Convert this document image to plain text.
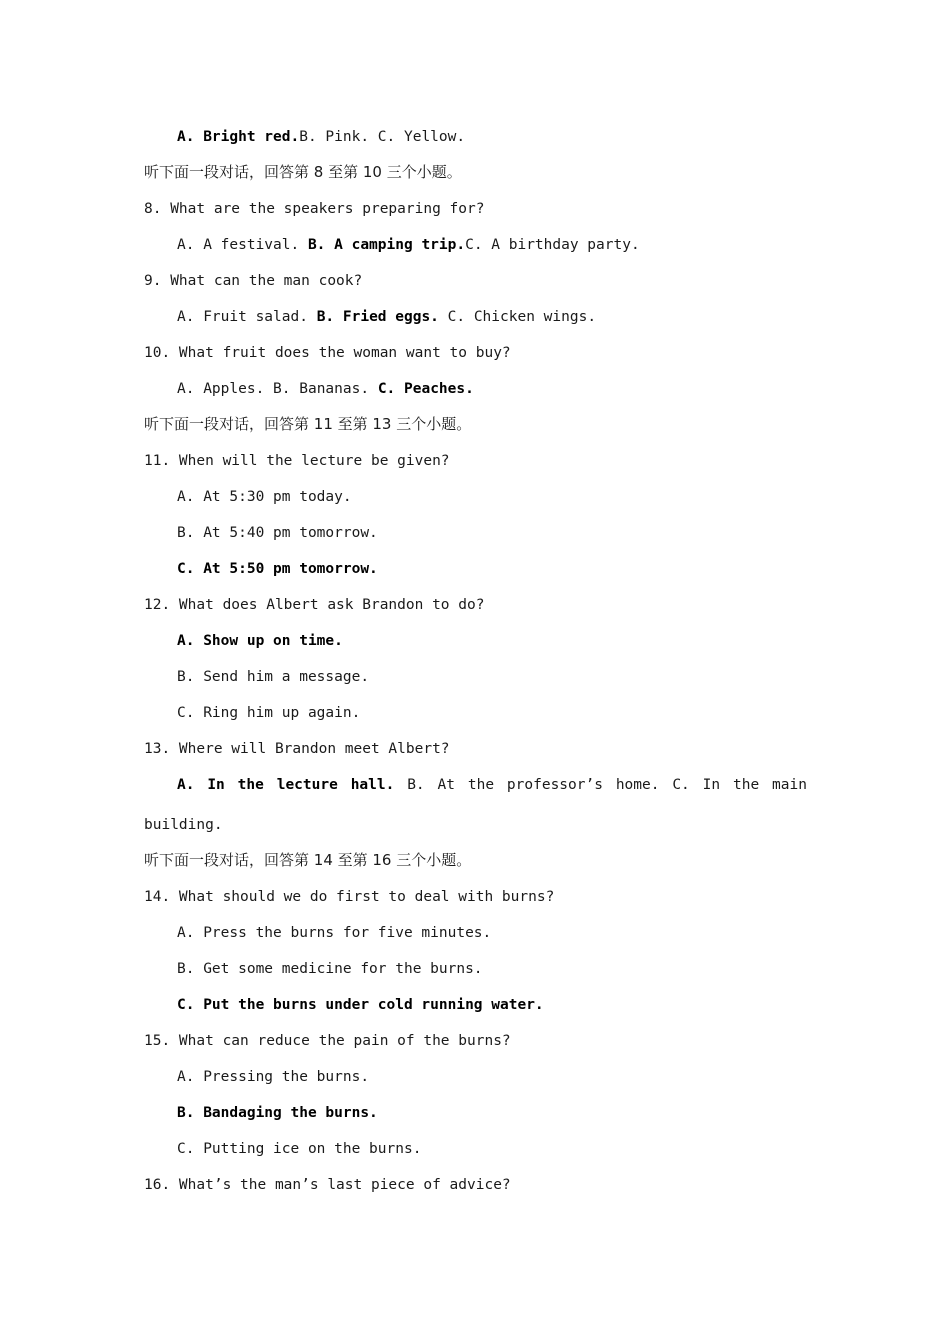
A. Bright red.B. Pink. C. Yellow.
听下面一段对话，回答第 8 至第 10 三个小题。
8. What are the speakers preparing for?
A. A festival. B. A camping trip.C. A birthday party.
9. What can the man cook?
A. Fruit salad. B. Fried eggs. C. Chicken wings.
10. What fruit does the woman want to buy?
A. Apples. B. Bananas. C. Peaches.
听下面一段对话，回答第 11 至第 13 三个小题。
11. When will the lecture be given?
A. At 5:30 pm today.
B. At 5:40 pm tomorrow.
C. At 5:50 pm tomorrow.
12. What does Albert ask Brandon to do?
A. Show up on time.
B. Send him a message.
C. Ring him up again.
13. Where will Brandon meet Albert?
A. In the lecture hall. B. At the professor’s home. C. In the main
building.
听下面一段对话，回答第 14 至第 16 三个小题。
14. What should we do first to deal with burns?
A. Press the burns for five minutes.
B. Get some medicine for the burns.
C. Put the burns under cold running water.
15. What can reduce the pain of the burns?
A. Pressing the burns.
B. Bandaging the burns.
C. Putting ice on the burns.
16. What’s the man’s last piece of advice?
